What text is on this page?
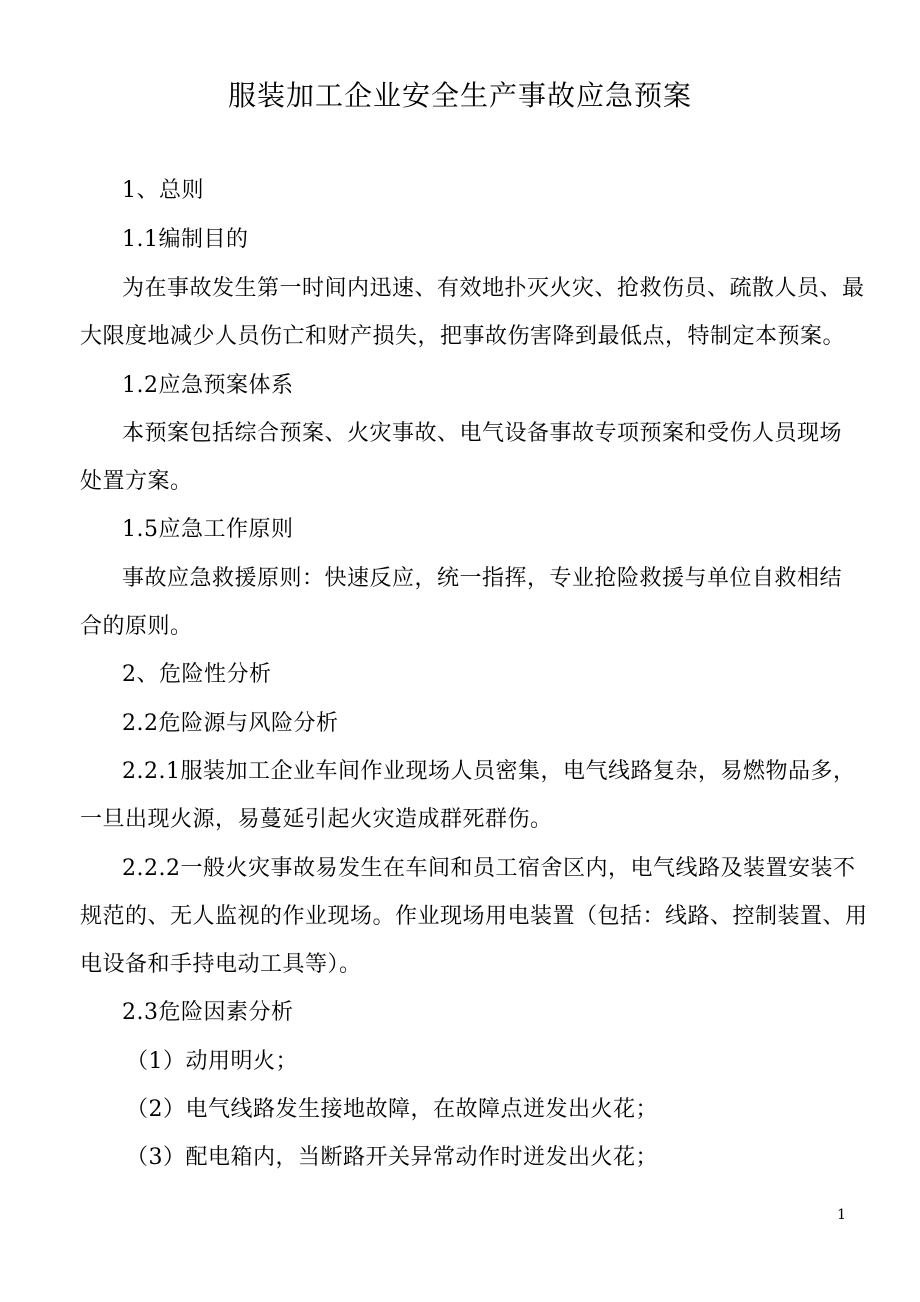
服装加工企业安全生产事故应急预案
1、总则
1.1编制目的
为在事故发生第一时间内迅速、有效地扑灭火灾、抢救伤员、疏散人员、最
大限度地减少人员伤亡和财产损失，把事故伤害降到最低点，特制定本预案。
1.2应急预案体系
本预案包括综合预案、火灾事故、电气设备事故专项预案和受伤人员现场
处置方案。
1.5应急工作原则
事故应急救援原则：快速反应，统一指挥，专业抢险救援与单位自救相结
合的原则。
2、危险性分析
2.2危险源与风险分析
2.2.1服装加工企业车间作业现场人员密集，电气线路复杂，易燃物品多，
一旦出现火源，易蔓延引起火灾造成群死群伤。
2.2.2一般火灾事故易发生在车间和员工宿舍区内，电气线路及装置安装不
规范的、无人监视的作业现场。作业现场用电装置（包括：线路、控制装置、用
电设备和手持电动工具等）。
2.3危险因素分析
（1）动用明火；
（2）电气线路发生接地故障，在故障点迸发出火花；
（3）配电箱内，当断路开关异常动作时迸发出火花；
1
